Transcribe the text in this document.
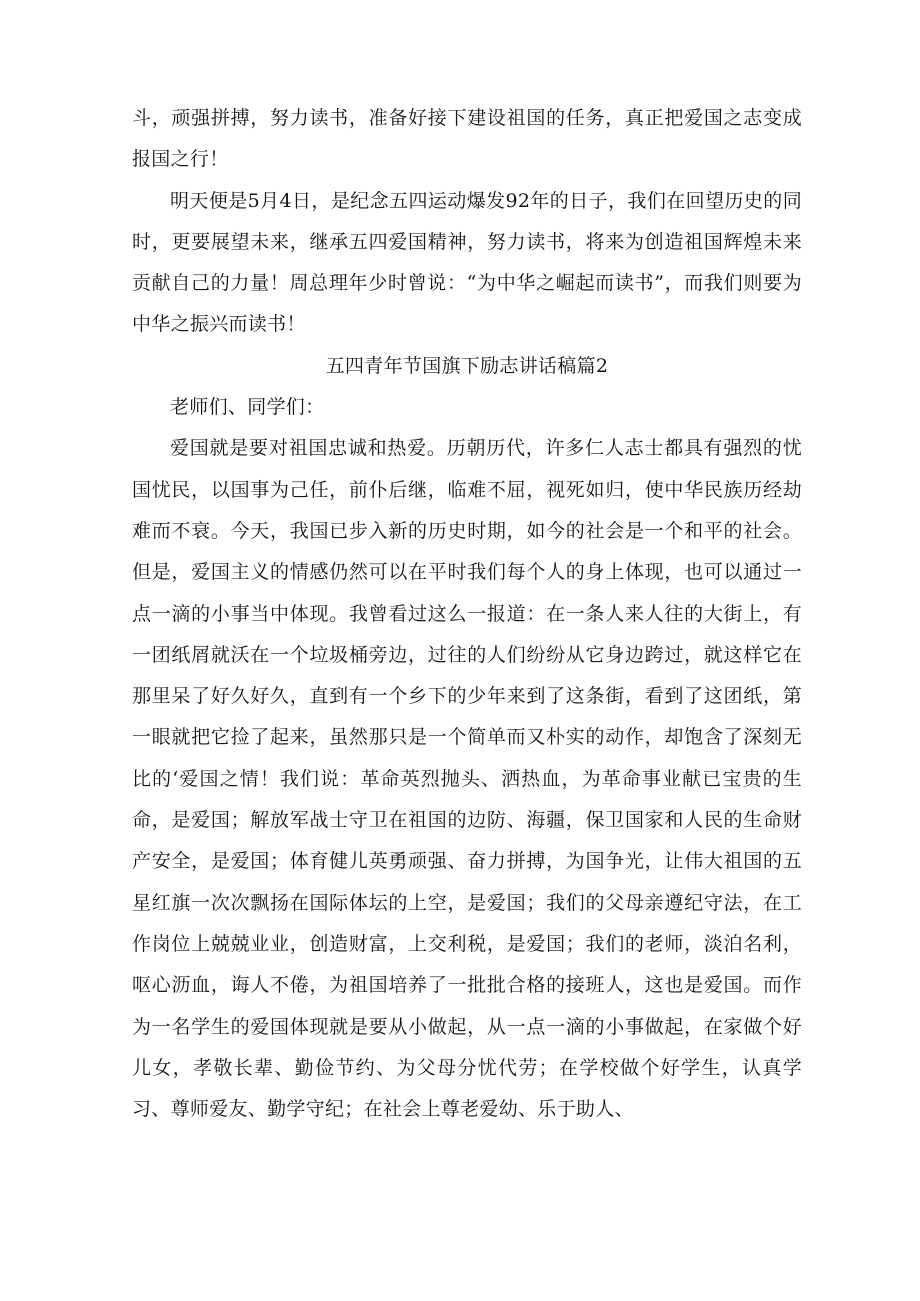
斗，顽强拼搏，努力读书，准备好接下建设祖国的任务，真正把爱国之志变成报国之行！

明天便是5月4日，是纪念五四运动爆发92年的日子，我们在回望历史的同时，更要展望未来，继承五四爱国精神，努力读书，将来为创造祖国辉煌未来贡献自己的力量！周总理年少时曾说：“为中华之崛起而读书”，而我们则要为中华之振兴而读书！

五四青年节国旗下励志讲话稿篇2

老师们、同学们：

爱国就是要对祖国忠诚和热爱。历朝历代，许多仁人志士都具有强烈的忧国忧民，以国事为己任，前仆后继，临难不屈，视死如归，使中华民族历经劫难而不衰。今天，我国已步入新的历史时期，如今的社会是一个和平的社会。但是，爱国主义的情感仍然可以在平时我们每个人的身上体现，也可以通过一点一滴的小事当中体现。我曾看过这么一报道：在一条人来人往的大街上，有一团纸屑就沃在一个垃圾桶旁边，过往的人们纷纷从它身边跨过，就这样它在那里呆了好久好久，直到有一个乡下的少年来到了这条街，看到了这团纸，第一眼就把它捡了起来，虽然那只是一个简单而又朴实的动作，却饱含了深刻无比的‘爱国之情！我们说：革命英烈抛头、洒热血，为革命事业献已宝贵的生命，是爱国；解放军战士守卫在祖国的边防、海疆，保卫国家和人民的生命财产安全，是爱国；体育健儿英勇顽强、奋力拼搏，为国争光，让伟大祖国的五星红旗一次次飘扬在国际体坛的上空，是爱国；我们的父母亲遵纪守法，在工作岗位上兢兢业业，创造财富，上交利税，是爱国；我们的老师，淡泊名利，呕心沥血，诲人不倦，为祖国培养了一批批合格的接班人，这也是爱国。而作为一名学生的爱国体现就是要从小做起，从一点一滴的小事做起，在家做个好儿女，孝敬长辈、勤俭节约、为父母分忧代劳；在学校做个好学生，认真学习、尊师爱友、勤学守纪；在社会上尊老爱幼、乐于助人、
